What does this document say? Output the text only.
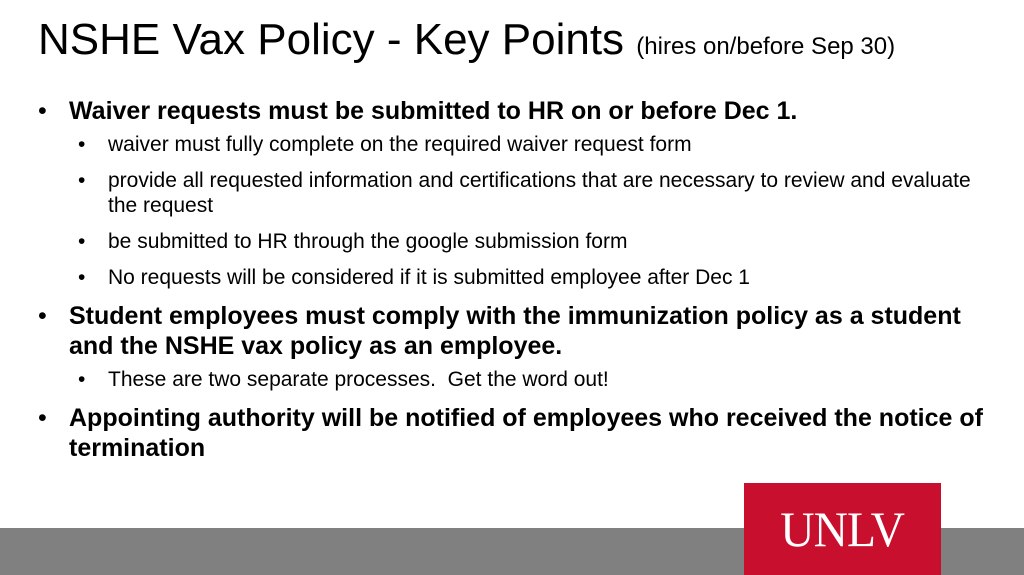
NSHE Vax Policy - Key Points (hires on/before Sep 30)
• Waiver requests must be submitted to HR on or before Dec 1.
• waiver must fully complete on the required waiver request form
• provide all requested information and certifications that are necessary to review and evaluate the request
• be submitted to HR through the google submission form
• No requests will be considered if it is submitted employee after Dec 1
• Student employees must comply with the immunization policy as a student and the NSHE vax policy as an employee.
• These are two separate processes.  Get the word out!
• Appointing authority will be notified of employees who received the notice of termination
UNLV
